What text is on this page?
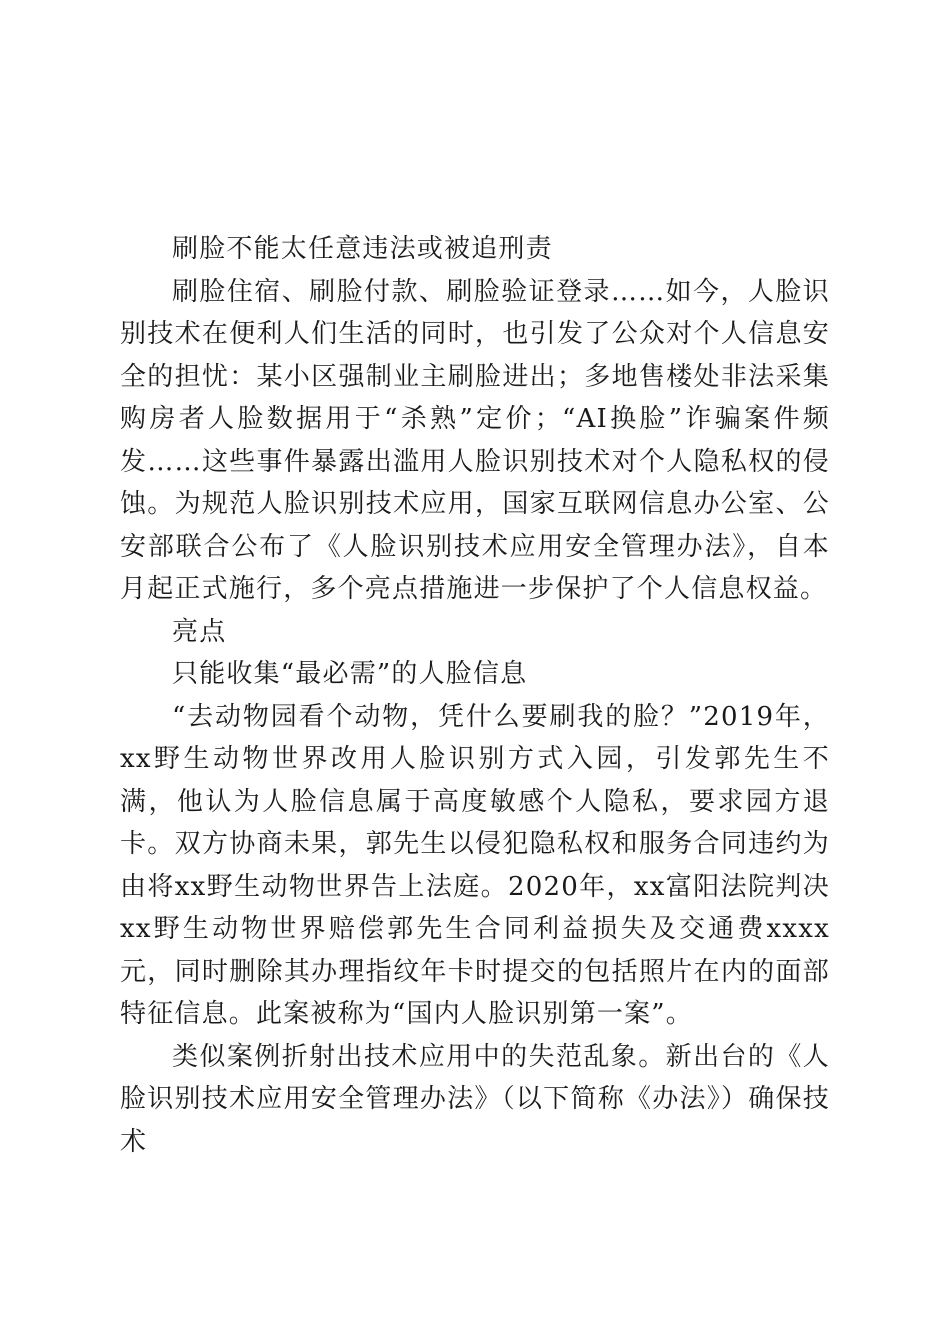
刷脸不能太任意违法或被追刑责

刷脸住宿、刷脸付款、刷脸验证登录……如今，人脸识别技术在便利人们生活的同时，也引发了公众对个人信息安全的担忧：某小区强制业主刷脸进出；多地售楼处非法采集购房者人脸数据用于“杀熟”定价；“AI换脸”诈骗案件频发……这些事件暴露出滥用人脸识别技术对个人隐私权的侵蚀。为规范人脸识别技术应用，国家互联网信息办公室、公安部联合公布了《人脸识别技术应用安全管理办法》，自本月起正式施行，多个亮点措施进一步保护了个人信息权益。

亮点

只能收集“最必需”的人脸信息

“去动物园看个动物，凭什么要刷我的脸？”2019年，xx野生动物世界改用人脸识别方式入园，引发郭先生不满，他认为人脸信息属于高度敏感个人隐私，要求园方退卡。双方协商未果，郭先生以侵犯隐私权和服务合同违约为由将xx野生动物世界告上法庭。2020年，xx富阳法院判决xx野生动物世界赔偿郭先生合同利益损失及交通费xxxx元，同时删除其办理指纹年卡时提交的包括照片在内的面部特征信息。此案被称为“国内人脸识别第一案”。

类似案例折射出技术应用中的失范乱象。新出台的《人脸识别技术应用安全管理办法》（以下简称《办法》）确保技术
